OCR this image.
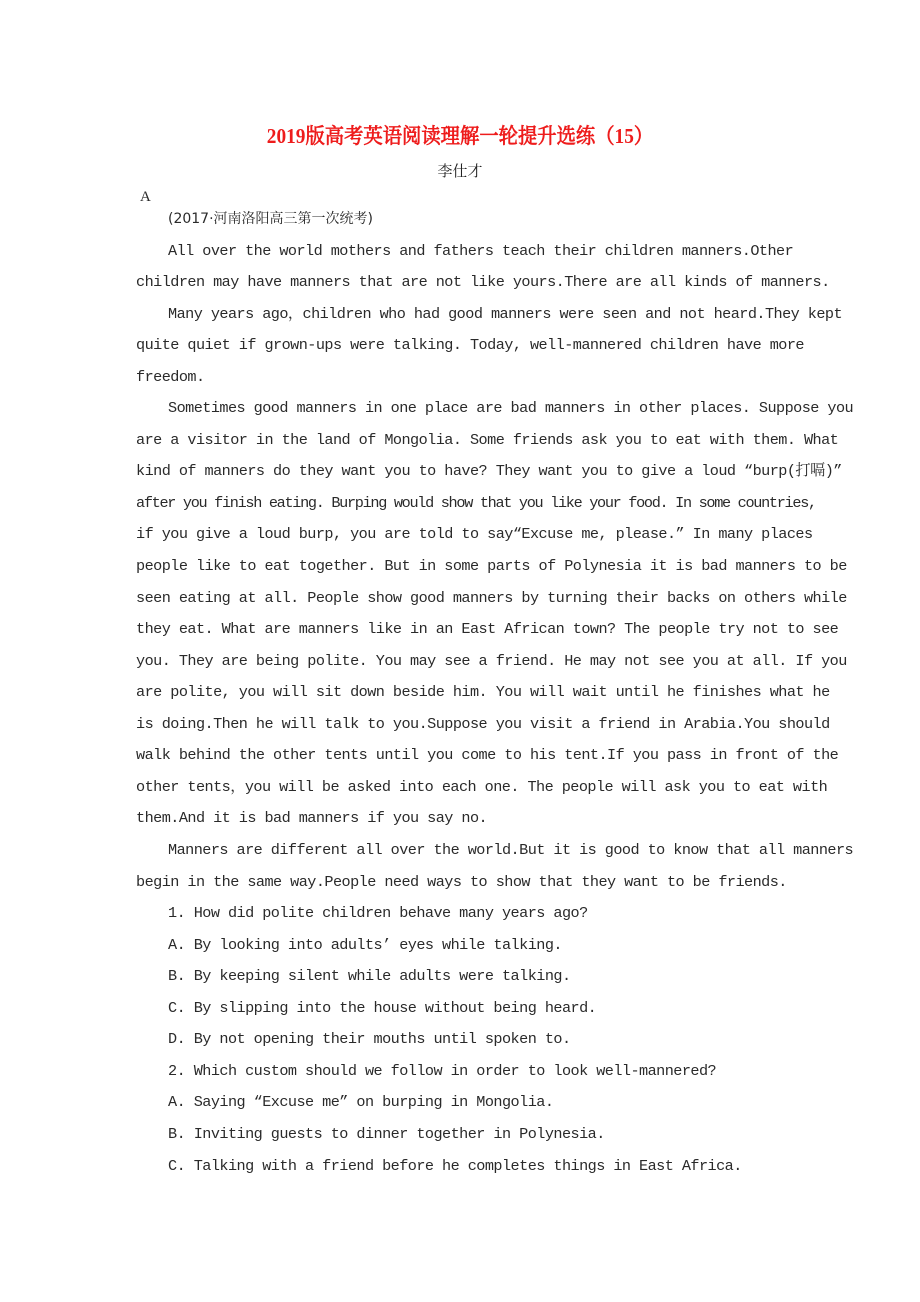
2019版高考英语阅读理解一轮提升选练（15）
李仕才
A
(2017·河南洛阳高三第一次统考)
All over the world mothers and fathers teach their children manners.Other
children may have manners that are not like yours.There are all kinds of manners.
Many years ago，children who had good manners were seen and not heard.They kept
quite quiet if grown-ups were talking. Today, well-mannered children have more
freedom.
Sometimes good manners in one place are bad manners in other places. Suppose you
are a visitor in the land of Mongolia. Some friends ask you to eat with them. What
kind of manners do they want you to have? They want you to give a loud “burp(打嗝)”
after you finish eating. Burping would show that you like your food. In some countries,
if you give a loud burp, you are told to say“Excuse me, please.” In many places
people like to eat together. But in some parts of Polynesia it is bad manners to be
seen eating at all. People show good manners by turning their backs on others while
they eat. What are manners like in an East African town? The people try not to see
you. They are being polite. You may see a friend. He may not see you at all. If you
are polite, you will sit down beside him. You will wait until he finishes what he
is doing.Then he will talk to you.Suppose you visit a friend in Arabia.You should
walk behind the other tents until you come to his tent.If you pass in front of the
other tents，you will be asked into each one. The people will ask you to eat with
them.And it is bad manners if you say no.
Manners are different all over the world.But it is good to know that all manners
begin in the same way.People need ways to show that they want to be friends.
1. How did polite children behave many years ago?
A. By looking into adults’ eyes while talking.
B. By keeping silent while adults were talking.
C. By slipping into the house without being heard.
D. By not opening their mouths until spoken to.
2. Which custom should we follow in order to look well-mannered?
A. Saying “Excuse me” on burping in Mongolia.
B. Inviting guests to dinner together in Polynesia.
C. Talking with a friend before he completes things in East Africa.
